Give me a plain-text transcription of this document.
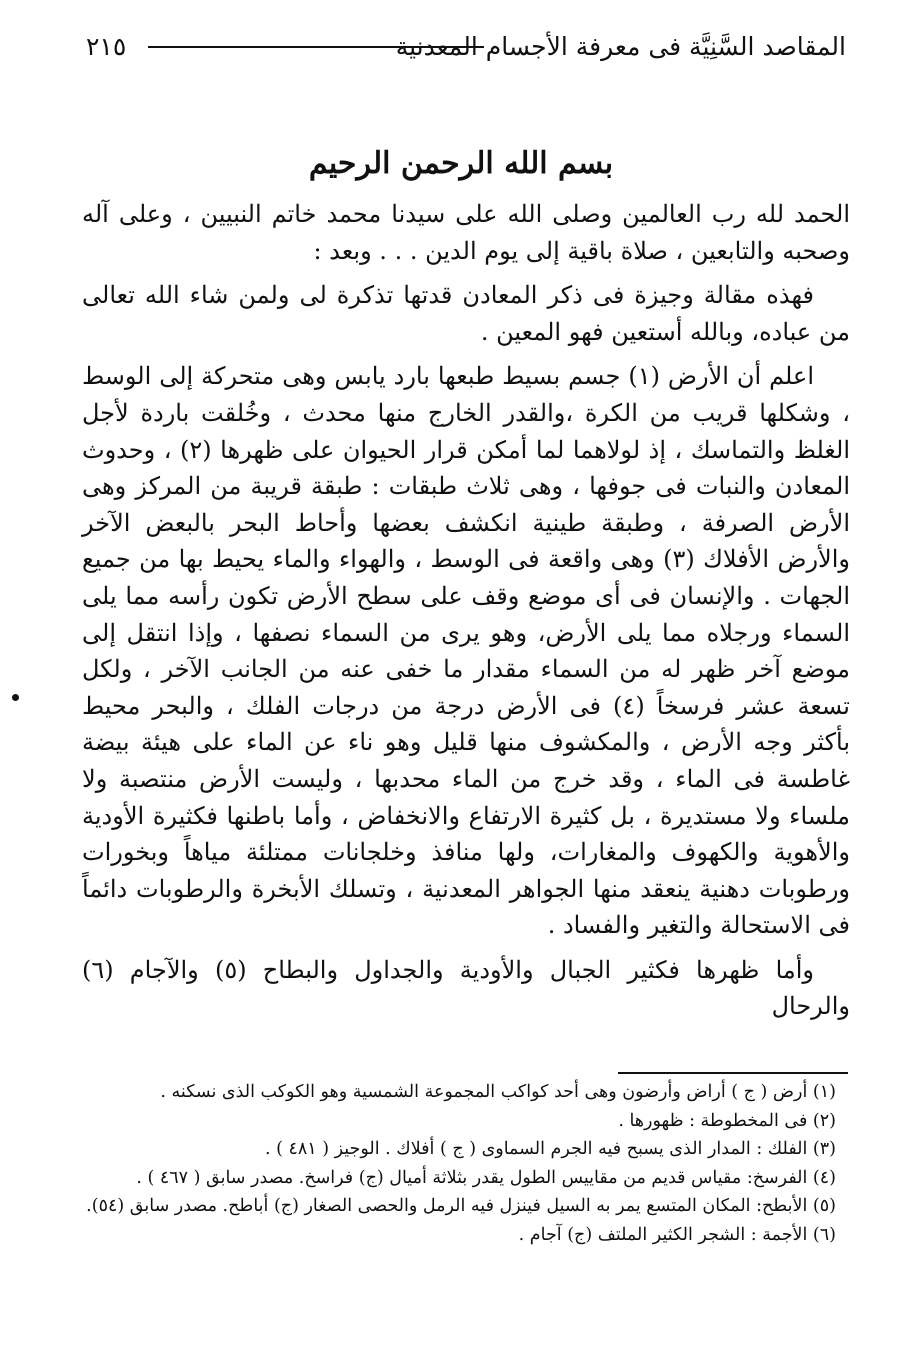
المقاصد السَّنِيَّة فى معرفة الأجسام المعدنية
٢١٥
بسم الله الرحمن الرحيم

الحمد لله رب العالمين وصلى الله على سيدنا محمد خاتم النبيين ، وعلى آله وصحبه والتابعين ، صلاة باقية إلى يوم الدين . . . وبعد :

فهذه مقالة وجيزة فى ذكر المعادن قدتها تذكرة لى ولمن شاء الله تعالى من عباده، وبالله أستعين فهو المعين .

اعلم أن الأرض (١) جسم بسيط طبعها بارد يابس وهى متحركة إلى الوسط ، وشكلها قريب من الكرة ،والقدر الخارج منها محدث ، وخُلقت باردة لأجل الغلظ والتماسك ، إذ لولاهما لما أمكن قرار الحيوان على ظهرها (٢) ، وحدوث المعادن والنبات فى جوفها ، وهى ثلاث طبقات : طبقة قريبة من المركز وهى الأرض الصرفة ، وطبقة طينية انكشف بعضها وأحاط البحر بالبعض الآخر والأرض الأفلاك (٣) وهى واقعة فى الوسط ، والهواء والماء يحيط بها من جميع الجهات . والإنسان فى أى موضع وقف على سطح الأرض تكون رأسه مما يلى السماء ورجلاه مما يلى الأرض، وهو يرى من السماء نصفها ، وإذا انتقل إلى موضع آخر ظهر له من السماء مقدار ما خفى عنه من الجانب الآخر ، ولكل تسعة عشر فرسخاً (٤) فى الأرض درجة من درجات الفلك ، والبحر محيط بأكثر وجه الأرض ، والمكشوف منها قليل وهو ناء عن الماء على هيئة بيضة غاطسة فى الماء ، وقد خرج من الماء محدبها ، وليست الأرض منتصبة ولا ملساء ولا مستديرة ، بل كثيرة الارتفاع والانخفاض ، وأما باطنها فكثيرة الأودية والأهوية والكهوف والمغارات، ولها منافذ وخلجانات ممتلئة مياهاً وبخورات ورطوبات دهنية ينعقد منها الجواهر المعدنية ، وتسلك الأبخرة والرطوبات دائماً فى الاستحالة والتغير والفساد .

وأما ظهرها فكثير الجبال والأودية والجداول والبطاح (٥) والآجام (٦) والرحال

(١) أرض ( ج ) أراض وأرضون وهى أحد كواكب المجموعة الشمسية وهو الكوكب الذى نسكنه .
(٢) فى المخطوطة : ظهورها .
(٣) الفلك : المدار الذى يسبح فيه الجرم السماوى ( ج ) أفلاك . الوجيز ( ٤٨١ ) .
(٤) الفرسخ: مقياس قديم من مقاييس الطول يقدر بثلاثة أميال (ج) فراسخ. مصدر سابق ( ٤٦٧ ) .
(٥) الأبطح: المكان المتسع يمر به السيل فينزل فيه الرمل والحصى الصغار (ج) أباطح. مصدر سابق (٥٤).
(٦) الأجمة : الشجر الكثير الملتف (ج) آجام .
